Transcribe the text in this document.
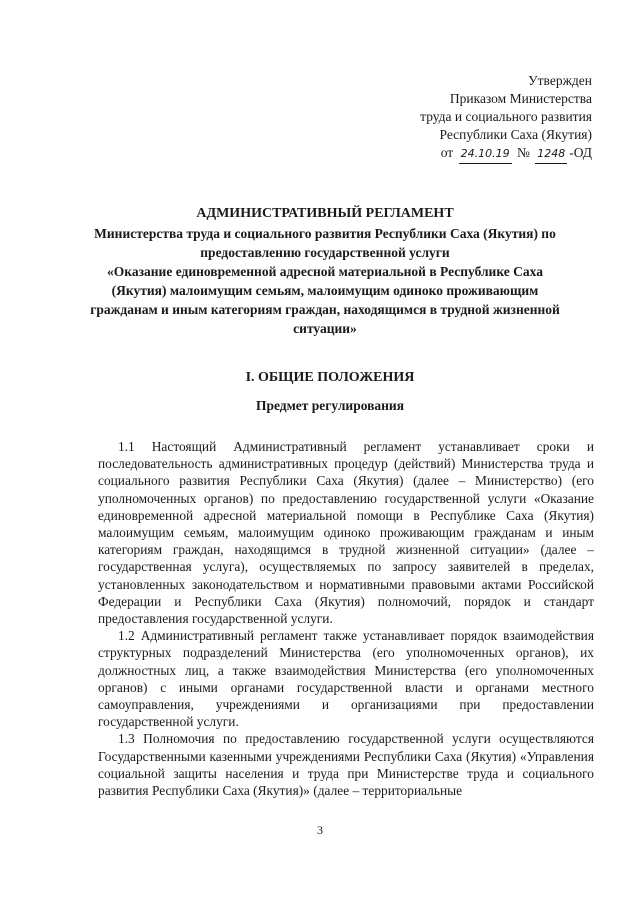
Утвержден
Приказом Министерства
труда и социального развития
Республики Саха (Якутия)
от 24.10.19 № 1248 -ОД
АДМИНИСТРАТИВНЫЙ РЕГЛАМЕНТ
Министерства труда и социального развития Республики Саха (Якутия) по
предоставлению государственной услуги
«Оказание единовременной адресной материальной в Республике Саха
(Якутия) малоимущим семьям, малоимущим одиноко проживающим
гражданам и иным категориям граждан, находящимся в трудной жизненной
ситуации»
I. ОБЩИЕ ПОЛОЖЕНИЯ
Предмет регулирования

1.1 Настоящий Административный регламент устанавливает сроки и последовательность административных процедур (действий) Министерства труда и социального развития Республики Саха (Якутия) (далее – Министерство) (его уполномоченных органов) по предоставлению государственной услуги «Оказание единовременной адресной материальной помощи в Республике Саха (Якутия) малоимущим семьям, малоимущим одиноко проживающим гражданам и иным категориям граждан, находящимся в трудной жизненной ситуации» (далее – государственная услуга), осуществляемых по запросу заявителей в пределах, установленных законодательством и нормативными правовыми актами Российской Федерации и Республики Саха (Якутия) полномочий, порядок и стандарт предоставления государственной услуги.

1.2 Административный регламент также устанавливает порядок взаимодействия структурных подразделений Министерства (его уполномоченных органов), их должностных лиц, а также взаимодействия Министерства (его уполномоченных органов) с иными органами государственной власти и органами местного самоуправления, учреждениями и организациями при предоставлении государственной услуги.

1.3 Полномочия по предоставлению государственной услуги осуществляются Государственными казенными учреждениями Республики Саха (Якутия) «Управления социальной защиты населения и труда при Министерстве труда и социального развития Республики Саха (Якутия)» (далее – территориальные

3
